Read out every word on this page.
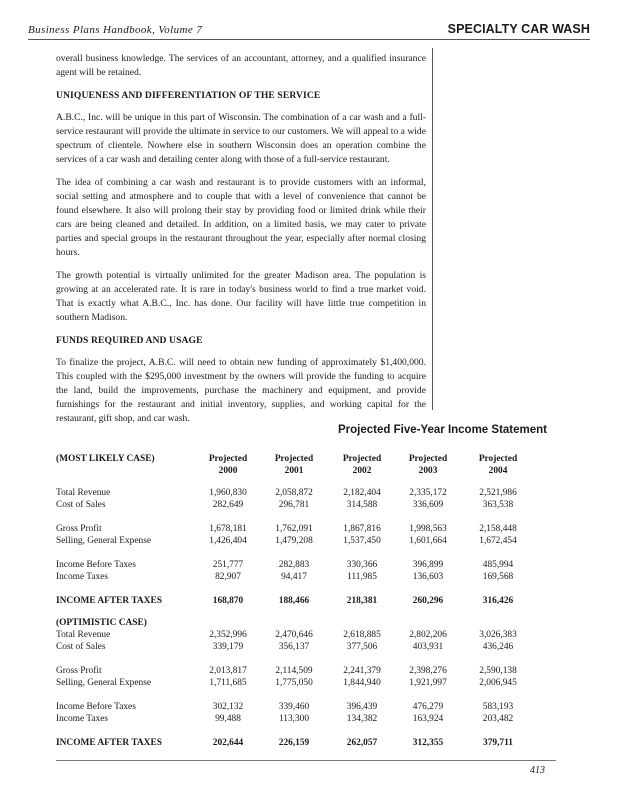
Business Plans Handbook, Volume 7	SPECIALTY CAR WASH

overall business knowledge. The services of an accountant, attorney, and a qualified insurance agent will be retained.

UNIQUENESS AND DIFFERENTIATION OF THE SERVICE

A.B.C., Inc. will be unique in this part of Wisconsin. The combination of a car wash and a full-service restaurant will provide the ultimate in service to our customers. We will appeal to a wide spectrum of clientele. Nowhere else in southern Wisconsin does an operation combine the services of a car wash and detailing center along with those of a full-service restaurant.

The idea of combining a car wash and restaurant is to provide customers with an informal, social setting and atmosphere and to couple that with a level of convenience that cannot be found elsewhere. It also will prolong their stay by providing food or limited drink while their cars are being cleaned and detailed. In addition, on a limited basis, we may cater to private parties and special groups in the restaurant throughout the year, especially after normal closing hours.

The growth potential is virtually unlimited for the greater Madison area. The population is growing at an accelerated rate. It is rare in today's business world to find a true market void. That is exactly what A.B.C., Inc. has done. Our facility will have little true competition in southern Madison.

FUNDS REQUIRED AND USAGE

To finalize the project, A.B.C. will need to obtain new funding of approximately $1,400,000. This coupled with the $295,000 investment by the owners will provide the funding to acquire the land, build the improvements, purchase the machinery and equipment, and provide furnishings for the restaurant and initial inventory, supplies, and working capital for the restaurant, gift shop, and car wash.

Projected Five-Year Income Statement
(MOST LIKELY CASE)	Projected	Projected	Projected	Projected	Projected
2000	2001	2002	2003	2004
Total Revenue	1,960,830	2,058,872	2,182,404	2,335,172	2,521,986
Cost of Sales	282,649	296,781	314,588	336,609	363,538
Gross Profit	1,678,181	1,762,091	1,867,816	1,998,563	2,158,448
Selling, General Expense	1,426,404	1,479,208	1,537,450	1,601,664	1,672,454
Income Before Taxes	251,777	282,883	330,366	396,899	485,994
Income Taxes	82,907	94,417	111,985	136,603	169,568
INCOME AFTER TAXES	168,870	188,466	218,381	260,296	316,426
(OPTIMISTIC CASE)
Total Revenue	2,352,996	2,470,646	2,618,885	2,802,206	3,026,383
Cost of Sales	339,179	356,137	377,506	403,931	436,246
Gross Profit	2,013,817	2,114,509	2,241,379	2,398,276	2,590,138
Selling, General Expense	1,711,685	1,775,050	1,844,940	1,921,997	2,006,945
Income Before Taxes	302,132	339,460	396,439	476,279	583,193
Income Taxes	99,488	113,300	134,382	163,924	203,482
INCOME AFTER TAXES	202,644	226,159	262,057	312,355	379,711
413
